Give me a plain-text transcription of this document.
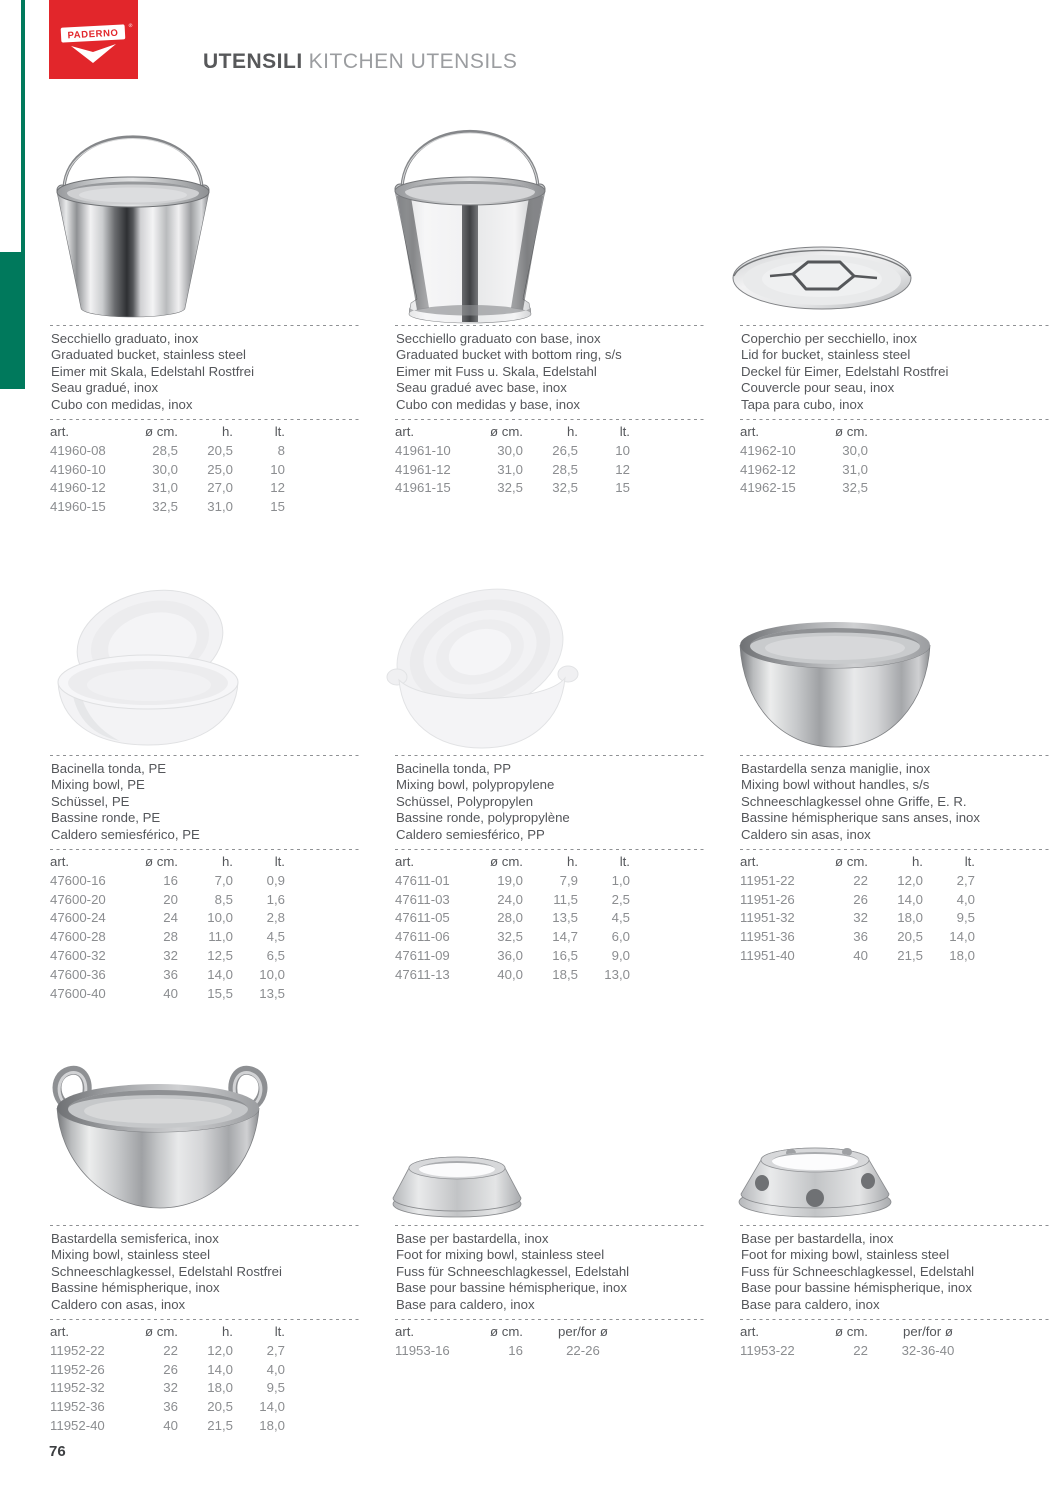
PADERNO
®
UTENSILI KITCHEN UTENSILS
Secchiello graduato, inox
Graduated bucket, stainless steel
Eimer mit Skala, Edelstahl Rostfrei
Seau gradué, inox
Cubo con medidas, inox
art.	ø cm.	h.	lt.
41960-08	28,5	20,5	8
41960-10	30,0	25,0	10
41960-12	31,0	27,0	12
41960-15	32,5	31,0	15
Secchiello graduato con base, inox
Graduated bucket with bottom ring, s/s
Eimer mit Fuss u. Skala, Edelstahl
Seau gradué avec base, inox
Cubo con medidas y base, inox
art.	ø cm.	h.	lt.
41961-10	30,0	26,5	10
41961-12	31,0	28,5	12
41961-15	32,5	32,5	15
Coperchio per secchiello, inox
Lid for bucket, stainless steel
Deckel für Eimer, Edelstahl Rostfrei
Couvercle pour seau, inox
Tapa para cubo, inox
art.	ø cm.
41962-10	30,0
41962-12	31,0
41962-15	32,5
Bacinella tonda, PE
Mixing bowl, PE
Schüssel, PE
Bassine ronde, PE
Caldero semiesférico, PE
art.	ø cm.	h.	lt.
47600-16	16	7,0	0,9
47600-20	20	8,5	1,6
47600-24	24	10,0	2,8
47600-28	28	11,0	4,5
47600-32	32	12,5	6,5
47600-36	36	14,0	10,0
47600-40	40	15,5	13,5
Bacinella tonda, PP
Mixing bowl, polypropylene
Schüssel, Polypropylen
Bassine ronde, polypropylène
Caldero semiesférico, PP
art.	ø cm.	h.	lt.
47611-01	19,0	7,9	1,0
47611-03	24,0	11,5	2,5
47611-05	28,0	13,5	4,5
47611-06	32,5	14,7	6,0
47611-09	36,0	16,5	9,0
47611-13	40,0	18,5	13,0
Bastardella senza maniglie, inox
Mixing bowl without handles, s/s
Schneeschlagkessel ohne Griffe, E. R.
Bassine hémispherique sans anses, inox
Caldero sin asas, inox
art.	ø cm.	h.	lt.
11951-22	22	12,0	2,7
11951-26	26	14,0	4,0
11951-32	32	18,0	9,5
11951-36	36	20,5	14,0
11951-40	40	21,5	18,0
Bastardella semisferica, inox
Mixing bowl, stainless steel
Schneeschlagkessel, Edelstahl Rostfrei
Bassine hémispherique, inox
Caldero con asas, inox
art.	ø cm.	h.	lt.
11952-22	22	12,0	2,7
11952-26	26	14,0	4,0
11952-32	32	18,0	9,5
11952-36	36	20,5	14,0
11952-40	40	21,5	18,0
Base per bastardella, inox
Foot for mixing bowl, stainless steel
Fuss für Schneeschlagkessel, Edelstahl
Base pour bassine hémispherique, inox
Base para caldero, inox
art.	ø cm.	per/for ø
11953-16	16	22-26
Base per bastardella, inox
Foot for mixing bowl, stainless steel
Fuss für Schneeschlagkessel, Edelstahl
Base pour bassine hémispherique, inox
Base para caldero, inox
art.	ø cm.	per/for ø
11953-22	22	32-36-40
76
